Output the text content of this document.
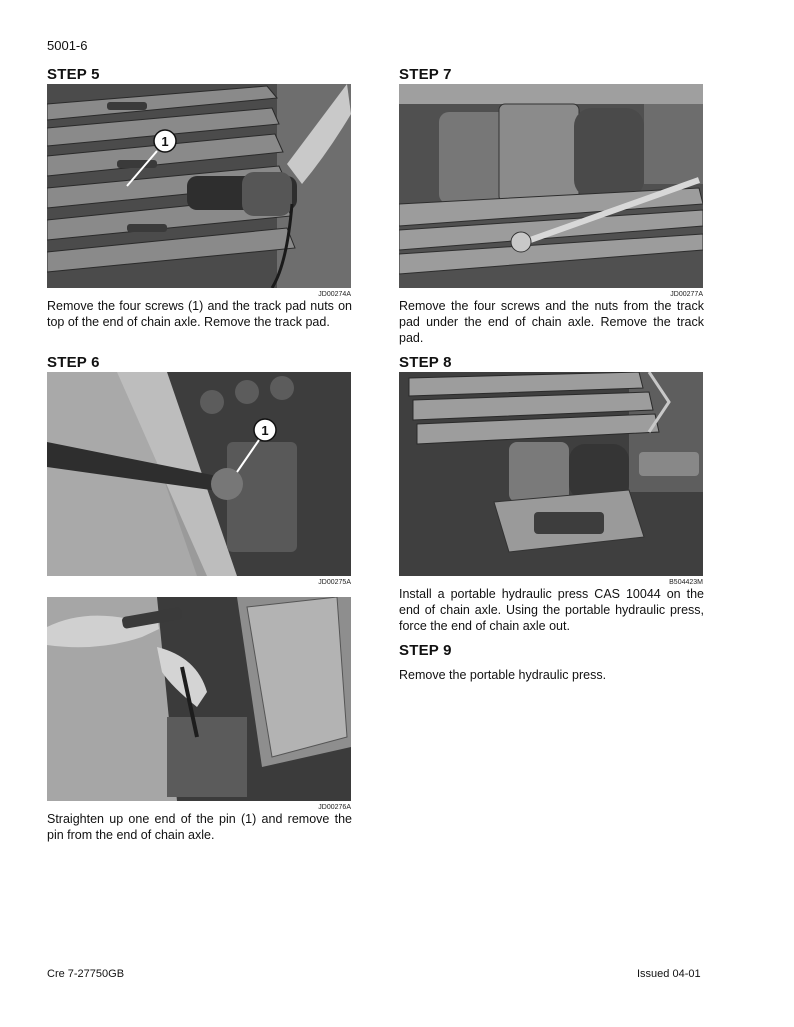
5001-6
STEP 5
1
JD00274A
Remove the four screws (1) and the track pad nuts on top of the end of chain axle. Remove the track pad.
STEP 6
1
JD00275A
JD00276A
Straighten up one end of the pin (1) and remove the pin from the end of chain axle.
STEP 7
JD00277A
Remove the four screws and the nuts from the track pad under the end of chain axle. Remove the track pad.
STEP 8
B504423M
Install a portable hydraulic press CAS 10044 on the end of chain axle. Using the portable hydraulic press, force the end of chain axle out.
STEP 9
Remove the portable hydraulic press.
Cre 7-27750GB	Issued 04-01
